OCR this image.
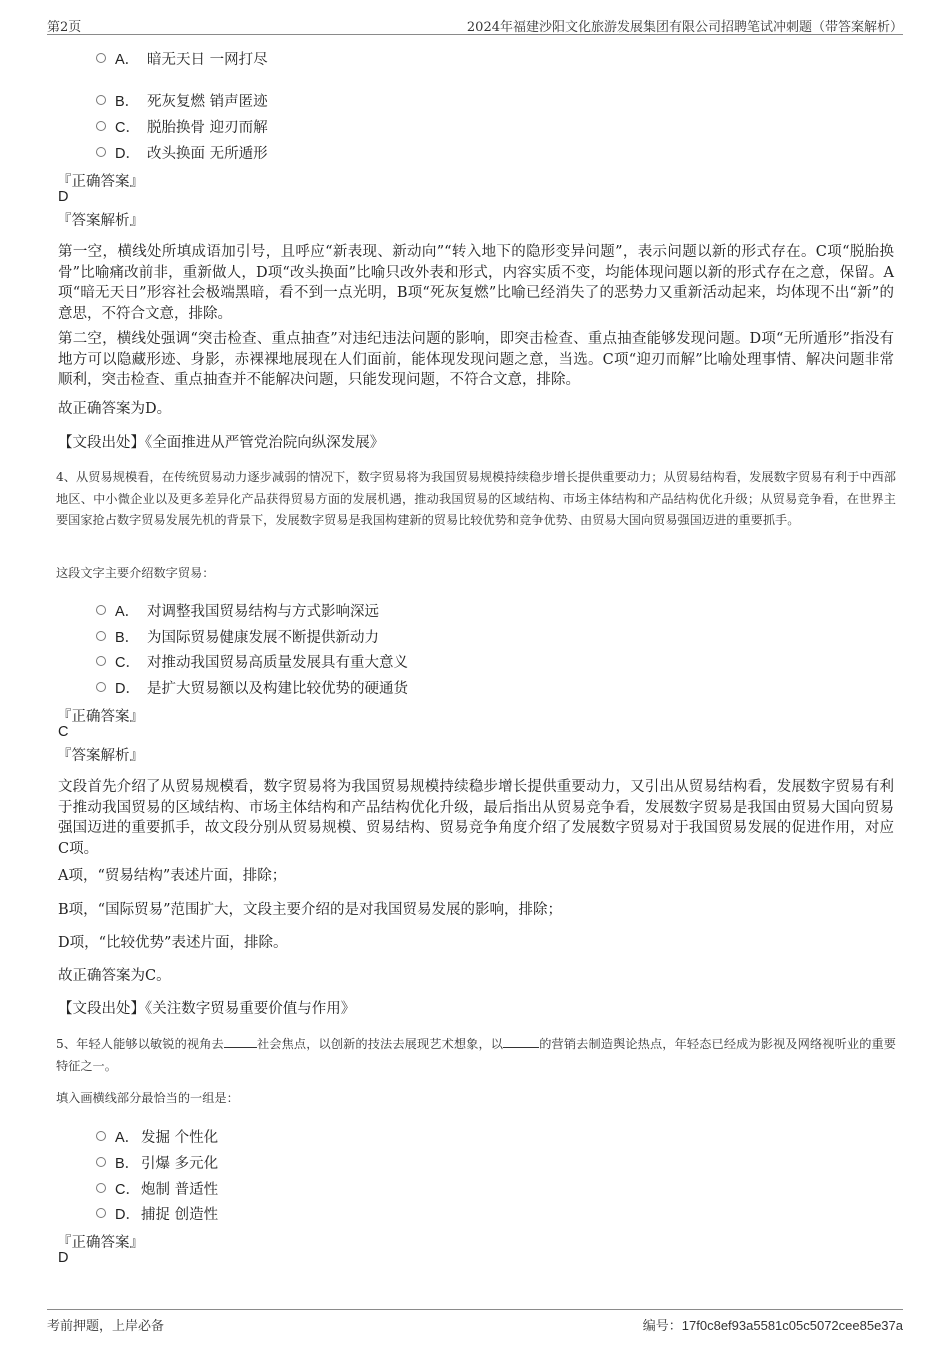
第2页	2024年福建沙阳文化旅游发展集团有限公司招聘笔试冲刺题（带答案解析）
A． 暗无天日 一网打尽
B． 死灰复燃 销声匿迹
C． 脱胎换骨 迎刃而解
D． 改头换面 无所遁形
『正确答案』
D
『答案解析』
第一空，横线处所填成语加引号，且呼应“新表现、新动向”“转入地下的隐形变异问题”，表示问题以新的形式存在。C项“脱胎换骨”比喻痛改前非，重新做人，D项“改头换面”比喻只改外表和形式，内容实质不变，均能体现问题以新的形式存在之意，保留。A项“暗无天日”形容社会极端黑暗，看不到一点光明，B项“死灰复燃”比喻已经消失了的恶势力又重新活动起来，均体现不出“新”的意思，不符合文意，排除。
第二空，横线处强调“突击检查、重点抽查”对违纪违法问题的影响，即突击检查、重点抽查能够发现问题。D项“无所遁形”指没有地方可以隐藏形迹、身影，赤裸裸地展现在人们面前，能体现发现问题之意，当选。C项“迎刃而解”比喻处理事情、解决问题非常顺利，突击检查、重点抽查并不能解决问题，只能发现问题，不符合文意，排除。
故正确答案为D。
【文段出处】《全面推进从严管党治院向纵深发展》
4、从贸易规模看，在传统贸易动力逐步减弱的情况下，数字贸易将为我国贸易规模持续稳步增长提供重要动力；从贸易结构看，发展数字贸易有利于中西部地区、中小微企业以及更多差异化产品获得贸易方面的发展机遇，推动我国贸易的区域结构、市场主体结构和产品结构优化升级；从贸易竞争看，在世界主要国家抢占数字贸易发展先机的背景下，发展数字贸易是我国构建新的贸易比较优势和竞争优势、由贸易大国向贸易强国迈进的重要抓手。
这段文字主要介绍数字贸易：
A． 对调整我国贸易结构与方式影响深远
B． 为国际贸易健康发展不断提供新动力
C． 对推动我国贸易高质量发展具有重大意义
D． 是扩大贸易额以及构建比较优势的硬通货
『正确答案』
C
『答案解析』
文段首先介绍了从贸易规模看，数字贸易将为我国贸易规模持续稳步增长提供重要动力，又引出从贸易结构看，发展数字贸易有利于推动我国贸易的区域结构、市场主体结构和产品结构优化升级，最后指出从贸易竞争看，发展数字贸易是我国由贸易大国向贸易强国迈进的重要抓手，故文段分别从贸易规模、贸易结构、贸易竞争角度介绍了发展数字贸易对于我国贸易发展的促进作用，对应C项。
A项，“贸易结构”表述片面，排除；
B项，“国际贸易”范围扩大，文段主要介绍的是对我国贸易发展的影响，排除；
D项，“比较优势”表述片面，排除。
故正确答案为C。
【文段出处】《关注数字贸易重要价值与作用》
5、年轻人能够以敏锐的视角去	社会焦点，以创新的技法去展现艺术想象，以	的营销去制造舆论热点，年轻态已经成为影视及网络视听业的重要特征之一。
填入画横线部分最恰当的一组是：
A． 发掘 个性化
B． 引爆 多元化
C．炮制 普适性
D．捕捉 创造性
『正确答案』
D
考前押题，上岸必备	编号：17f0c8ef93a5581c05c5072cee85e37a
